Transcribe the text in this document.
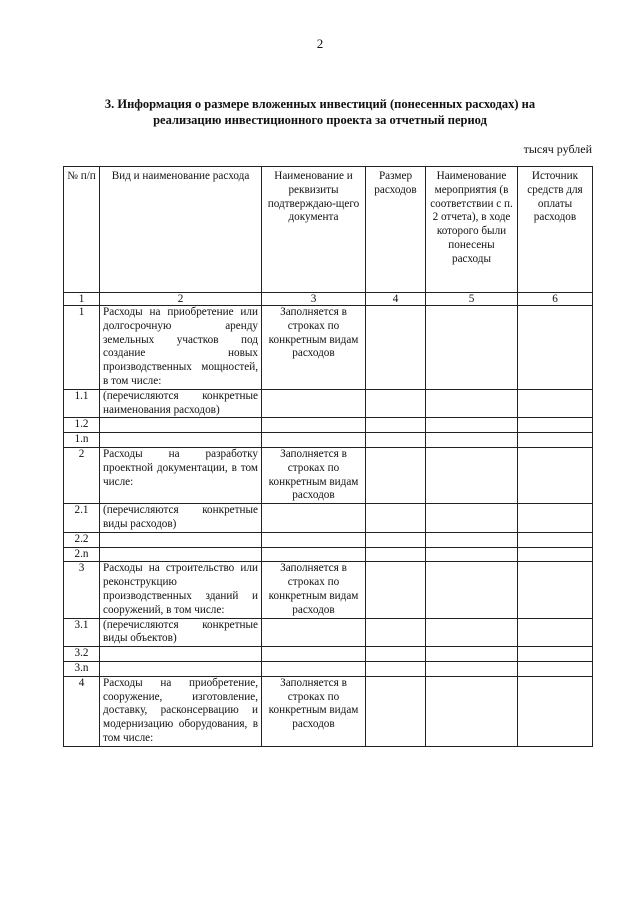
2
3. Информация о размере вложенных инвестиций (понесенных расходах) на
реализацию инвестиционного проекта за отчетный период
тысяч рублей
№ п/п	Вид и наименование расхода	Наименование и реквизиты подтверждаю-щего документа	Размер расходов	Наименование мероприятия (в соответствии с п. 2 отчета), в ходе которого были понесены расходы	Источник средств для оплаты расходов
1	2	3	4	5	6
1	Расходы на приобретение или долгосрочную аренду земельных участков под создание новых производственных мощностей, в том числе:	Заполняется в строках по конкретным видам расходов			
1.1	(перечисляются конкретные наименования расходов)				
1.2					
1.n					
2	Расходы на разработку проектной документации, в том числе:	Заполняется в строках по конкретным видам расходов			
2.1	(перечисляются конкретные виды расходов)				
2.2					
2.n					
3	Расходы на строительство или реконструкцию производственных зданий и сооружений, в том числе:	Заполняется в строках по конкретным видам расходов			
3.1	(перечисляются конкретные виды объектов)				
3.2					
3.n					
4	Расходы на приобретение, сооружение, изготовление, доставку, расконсервацию и модернизацию оборудования, в том числе:	Заполняется в строках по конкретным видам расходов			
